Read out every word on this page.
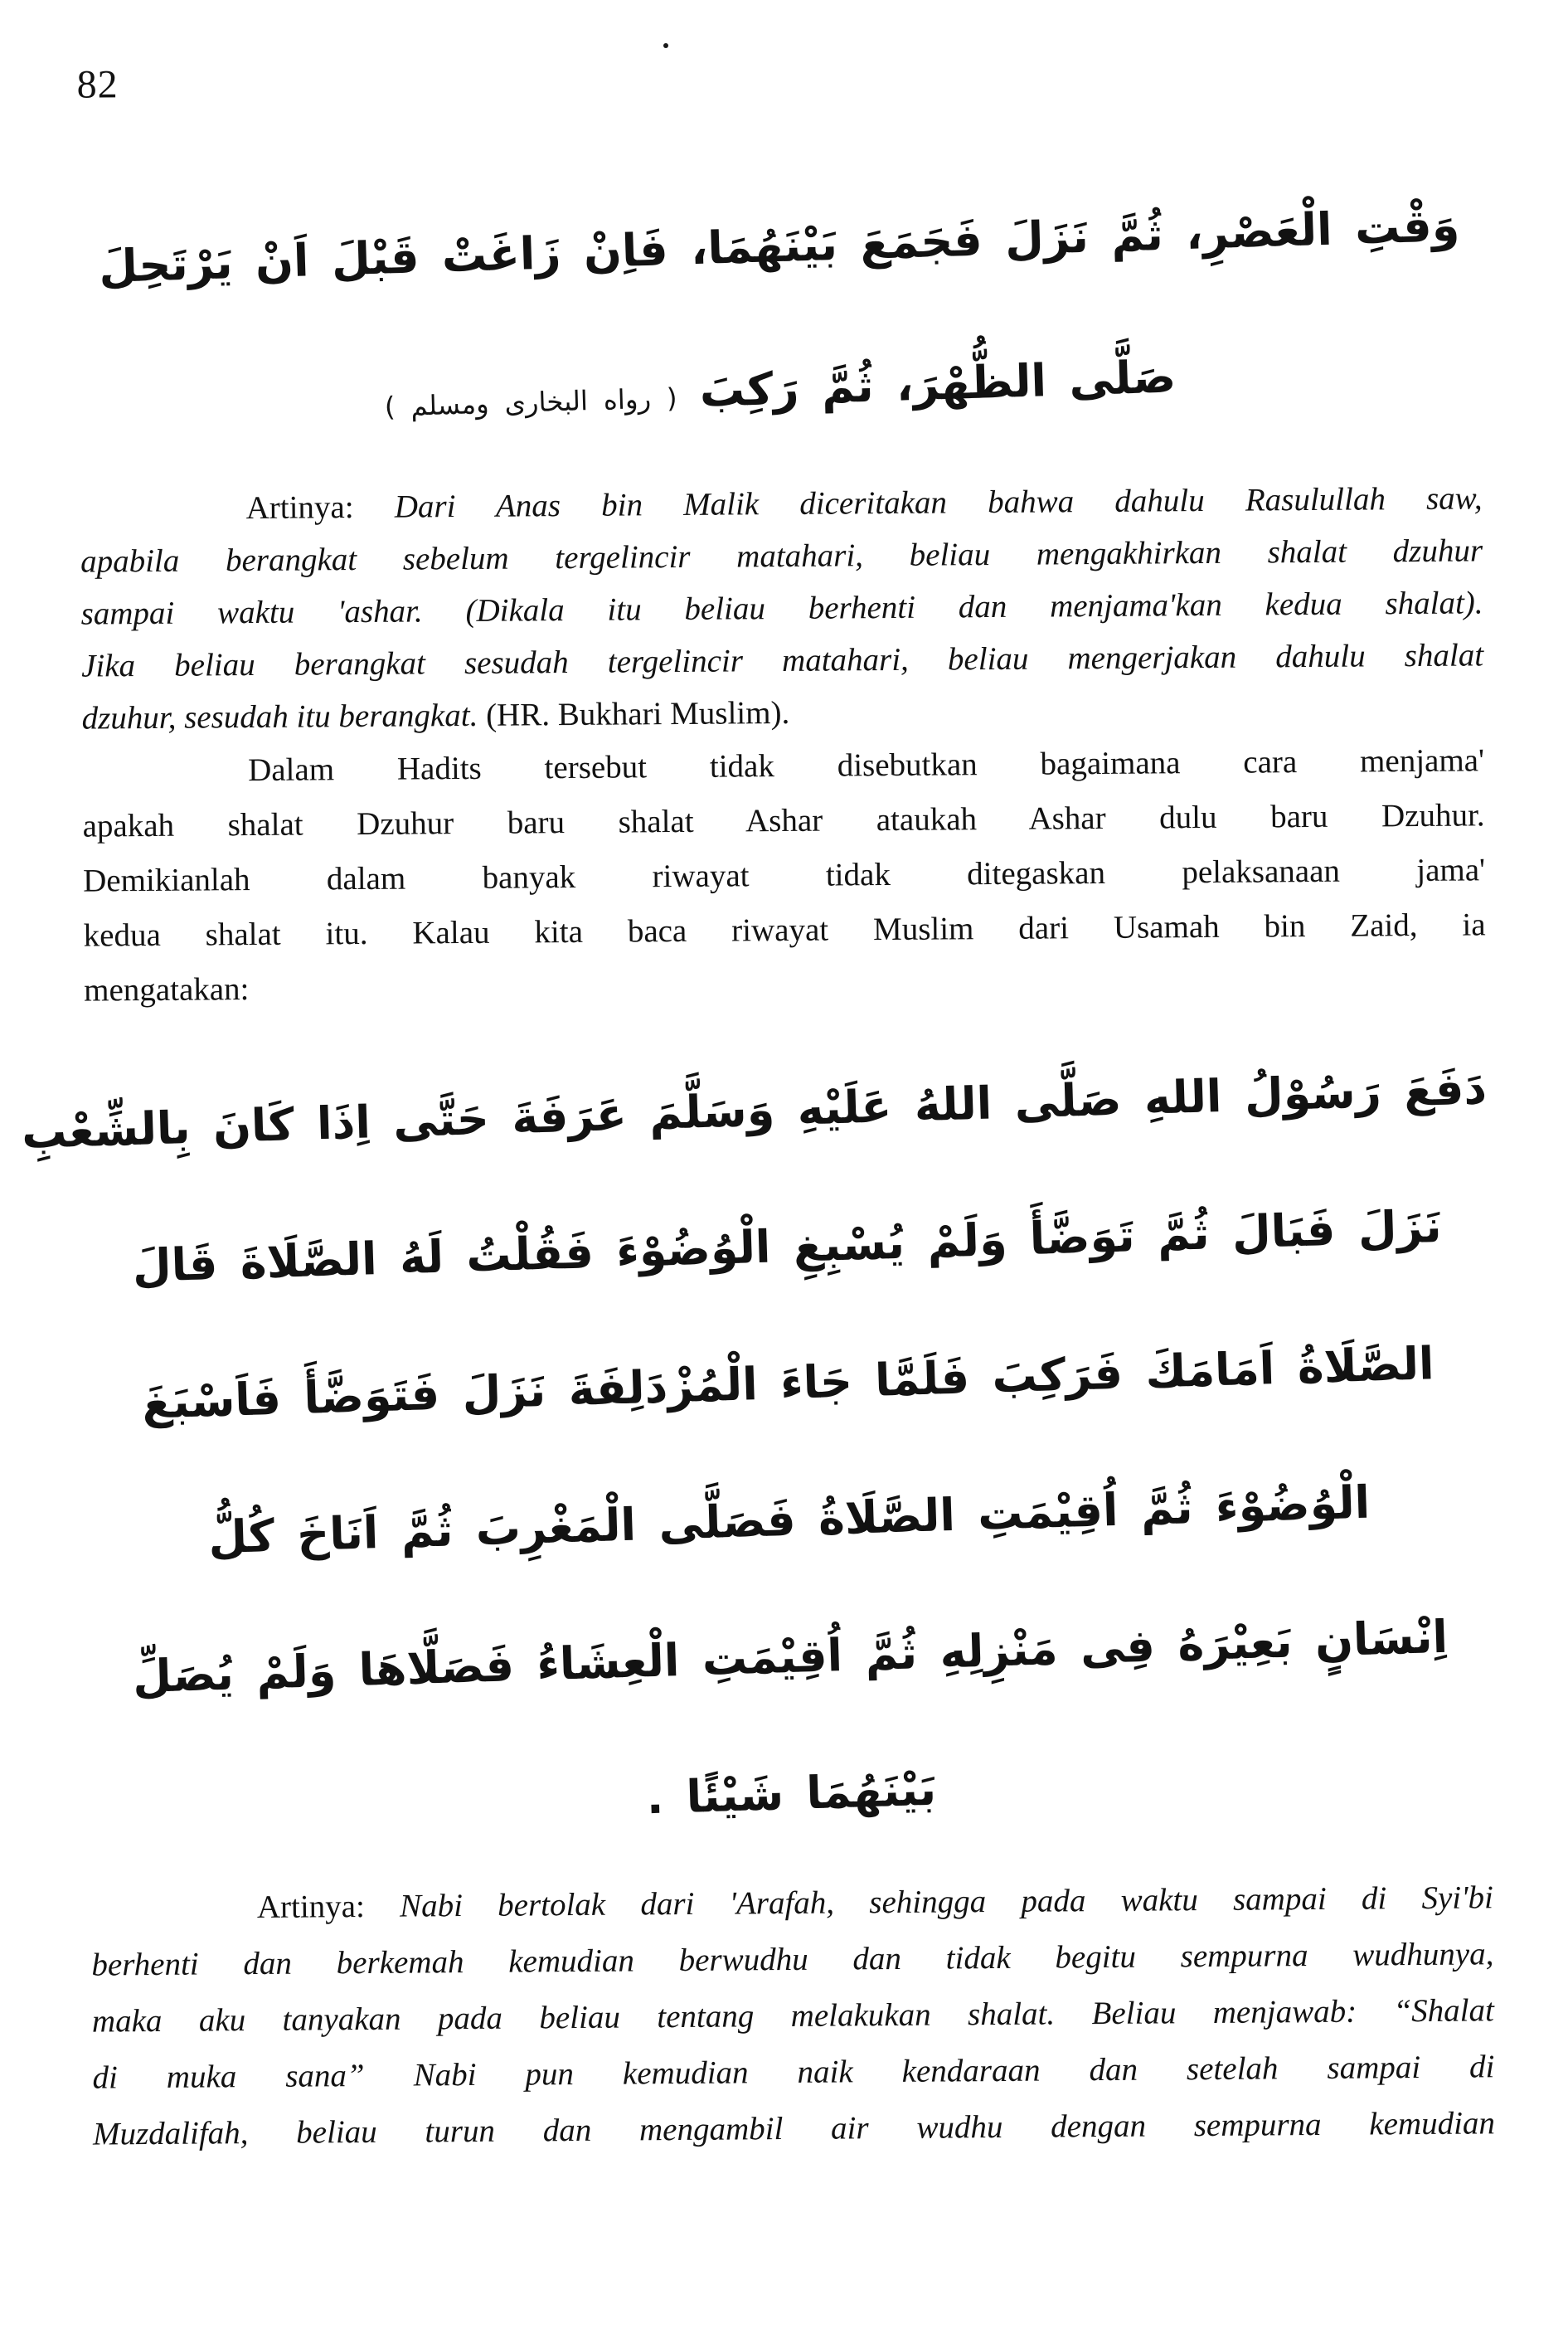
82
وَقْتِ الْعَصْرِ، ثُمَّ نَزَلَ فَجَمَعَ بَيْنَهُمَا، فَاِنْ زَاغَتْ قَبْلَ اَنْ يَرْتَحِلَ
صَلَّى الظُّهْرَ، ثُمَّ رَكِبَ ( رواه البخارى ومسلم )
Artinya: Dari Anas bin Malik diceritakan bahwa dahulu Rasulullah saw,
apabila berangkat sebelum tergelincir matahari, beliau mengakhirkan shalat dzuhur
sampai waktu 'ashar. (Dikala itu beliau berhenti dan menjama'kan kedua shalat).
Jika beliau berangkat sesudah tergelincir matahari, beliau mengerjakan dahulu shalat
dzuhur, sesudah itu berangkat. (HR. Bukhari Muslim).
Dalam Hadits tersebut tidak disebutkan bagaimana cara menjama'
apakah shalat Dzuhur baru shalat Ashar ataukah Ashar dulu baru Dzuhur.
Demikianlah dalam banyak riwayat tidak ditegaskan pelaksanaan jama'
kedua shalat itu. Kalau kita baca riwayat Muslim dari Usamah bin Zaid, ia
mengatakan:
دَفَعَ رَسُوْلُ اللهِ صَلَّى اللهُ عَلَيْهِ وَسَلَّمَ عَرَفَةَ حَتَّى اِذَا كَانَ بِالشِّعْبِ
نَزَلَ فَبَالَ ثُمَّ تَوَضَّأَ وَلَمْ يُسْبِغِ الْوُضُوْءَ فَقُلْتُ لَهُ الصَّلَاةَ قَالَ
الصَّلَاةُ اَمَامَكَ فَرَكِبَ فَلَمَّا جَاءَ الْمُزْدَلِفَةَ نَزَلَ فَتَوَضَّأَ فَاَسْبَغَ
الْوُضُوْءَ ثُمَّ اُقِيْمَتِ الصَّلَاةُ فَصَلَّى الْمَغْرِبَ ثُمَّ اَنَاخَ كُلُّ
اِنْسَانٍ بَعِيْرَهُ فِى مَنْزِلِهِ ثُمَّ اُقِيْمَتِ الْعِشَاءُ فَصَلَّاهَا وَلَمْ يُصَلِّ
بَيْنَهُمَا شَيْئًا .
Artinya: Nabi bertolak dari 'Arafah, sehingga pada waktu sampai di Syi'bi
berhenti dan berkemah kemudian berwudhu dan tidak begitu sempurna wudhunya,
maka aku tanyakan pada beliau tentang melakukan shalat. Beliau menjawab: “Shalat
di muka sana” Nabi pun kemudian naik kendaraan dan setelah sampai di
Muzdalifah, beliau turun dan mengambil air wudhu dengan sempurna kemudian
